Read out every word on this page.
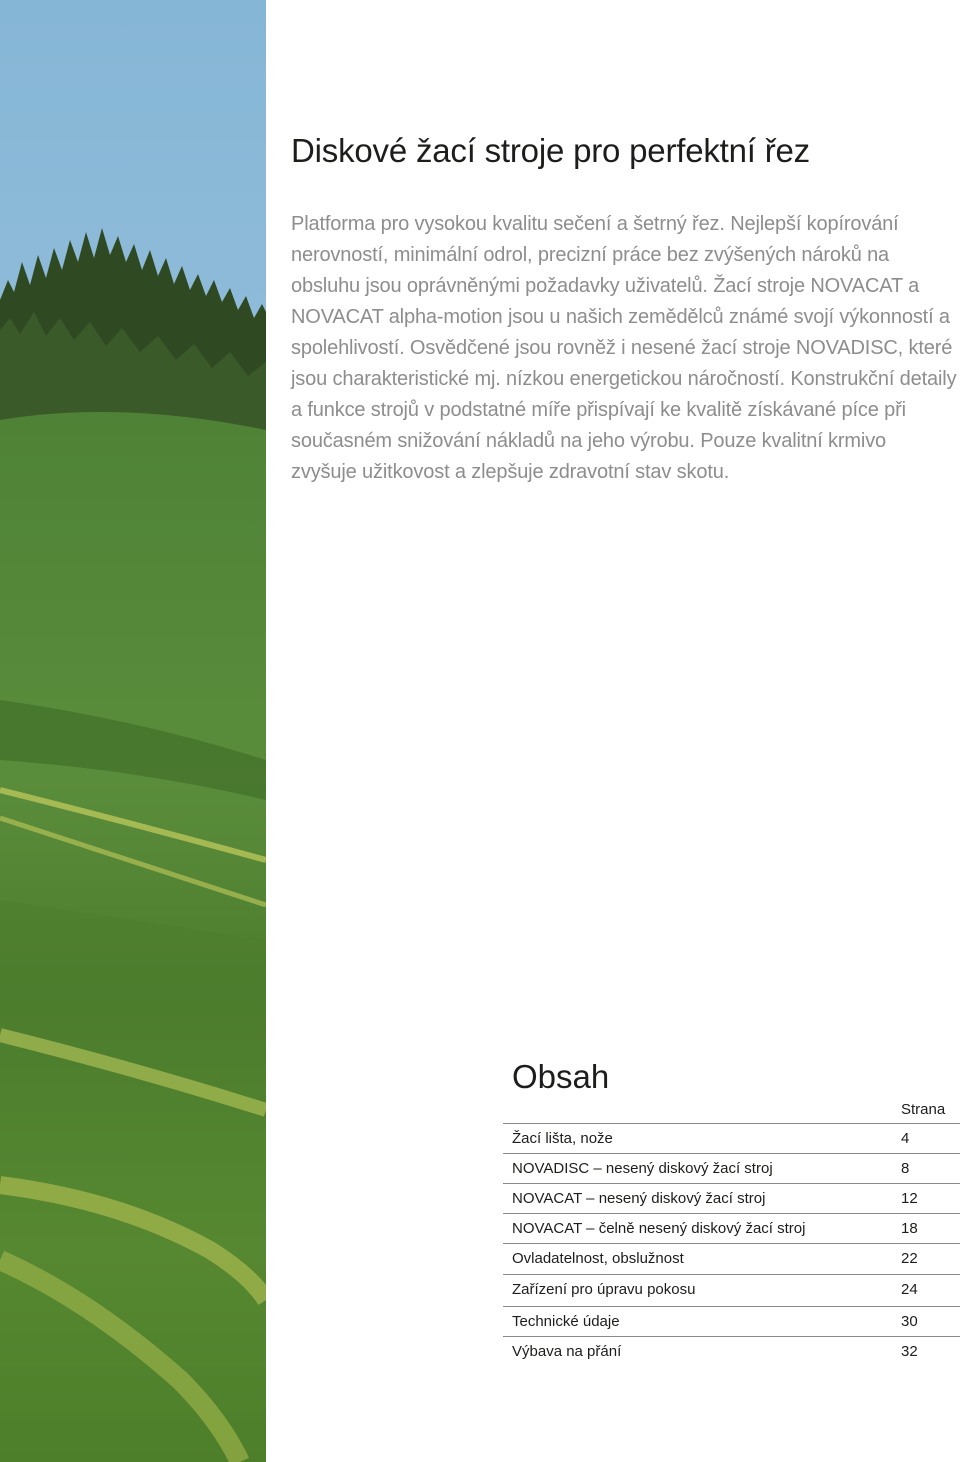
Diskové žací stroje pro perfektní řez

Platforma pro vysokou kvalitu sečení a šetrný řez. Nejlepší kopírování nerovností, minimální odrol, precizní práce bez zvýšených nároků na obsluhu jsou oprávněnými požadavky uživatelů. Žací stroje NOVACAT a NOVACAT alpha-motion jsou u našich zemědělců známé svojí výkonností a spolehlivostí. Osvědčené jsou rovněž i nesené žací stroje NOVADISC, které jsou charakteristické mj. nízkou energetickou náročností. Konstrukční detaily a funkce strojů v podstatné míře přispívají ke kvalitě získávané píce při současném snižování nákladů na jeho výrobu. Pouze kvalitní krmivo zvyšuje užitkovost a zlepšuje zdravotní stav skotu.

Obsah
Strana
Žací lišta, nože	4
NOVADISC – nesený diskový žací stroj	8
NOVACAT – nesený diskový žací stroj	12
NOVACAT – čelně nesený diskový žací stroj	18
Ovladatelnost, obslužnost	22
Zařízení pro úpravu pokosu	24
Technické údaje	30
Výbava na přání	32
